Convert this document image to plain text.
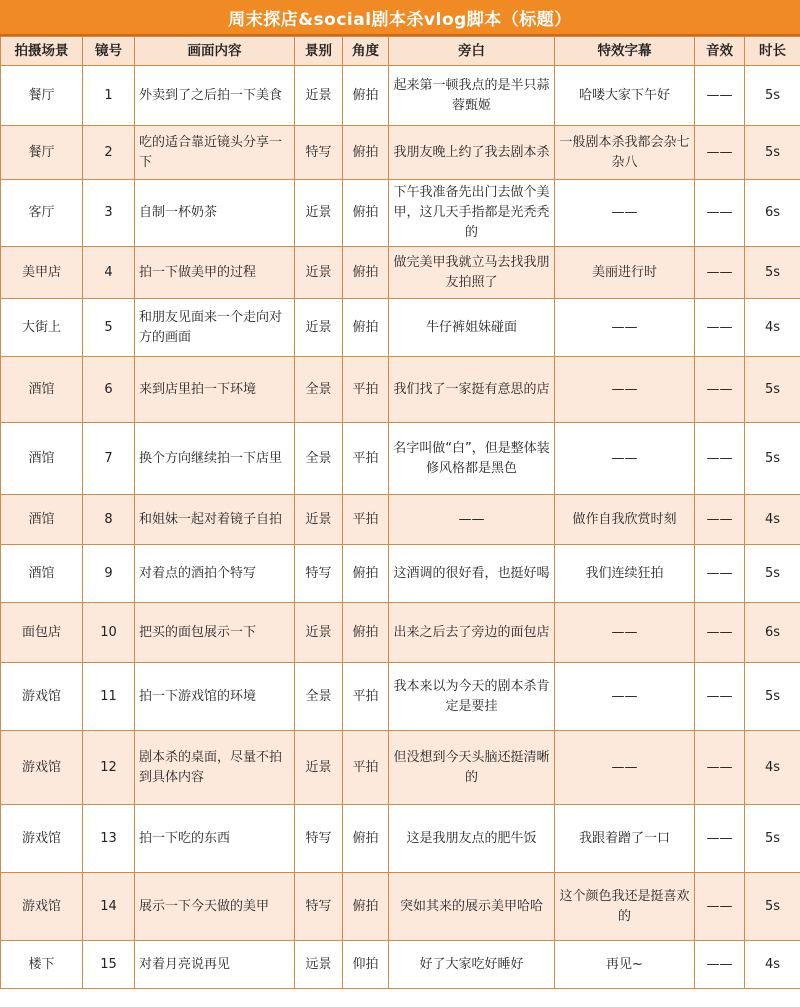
周末探店&social剧本杀vlog脚本（标题）
拍摄场景	镜号	画面内容	景别	角度	旁白	特效字幕	音效	时长
餐厅	1	外卖到了之后拍一下美食	近景	俯拍	起来第一顿我点的是半只蒜蓉甄姬	哈喽大家下午好	——	5s
餐厅	2	吃的适合靠近镜头分享一下	特写	俯拍	我朋友晚上约了我去剧本杀	一般剧本杀我都会杂七杂八	——	5s
客厅	3	自制一杯奶茶	近景	俯拍	下午我准备先出门去做个美甲，这几天手指都是光秃秃的	——	——	6s
美甲店	4	拍一下做美甲的过程	近景	俯拍	做完美甲我就立马去找我朋友拍照了	美丽进行时	——	5s
大街上	5	和朋友见面来一个走向对方的画面	近景	俯拍	牛仔裤姐妹碰面	——	——	4s
酒馆	6	来到店里拍一下环境	全景	平拍	我们找了一家挺有意思的店	——	——	5s
酒馆	7	换个方向继续拍一下店里	全景	平拍	名字叫做“白”，但是整体装修风格都是黑色	——	——	5s
酒馆	8	和姐妹一起对着镜子自拍	近景	平拍	——	做作自我欣赏时刻	——	4s
酒馆	9	对着点的酒拍个特写	特写	俯拍	这酒调的很好看，也挺好喝	我们连续狂拍	——	5s
面包店	10	把买的面包展示一下	近景	俯拍	出来之后去了旁边的面包店	——	——	6s
游戏馆	11	拍一下游戏馆的环境	全景	平拍	我本来以为今天的剧本杀肯定是要挂	——	——	5s
游戏馆	12	剧本杀的桌面，尽量不拍到具体内容	近景	平拍	但没想到今天头脑还挺清晰的	——	——	4s
游戏馆	13	拍一下吃的东西	特写	俯拍	这是我朋友点的肥牛饭	我跟着蹭了一口	——	5s
游戏馆	14	展示一下今天做的美甲	特写	俯拍	突如其来的展示美甲哈哈	这个颜色我还是挺喜欢的	——	5s
楼下	15	对着月亮说再见	远景	仰拍	好了大家吃好睡好	再见~	——	4s
